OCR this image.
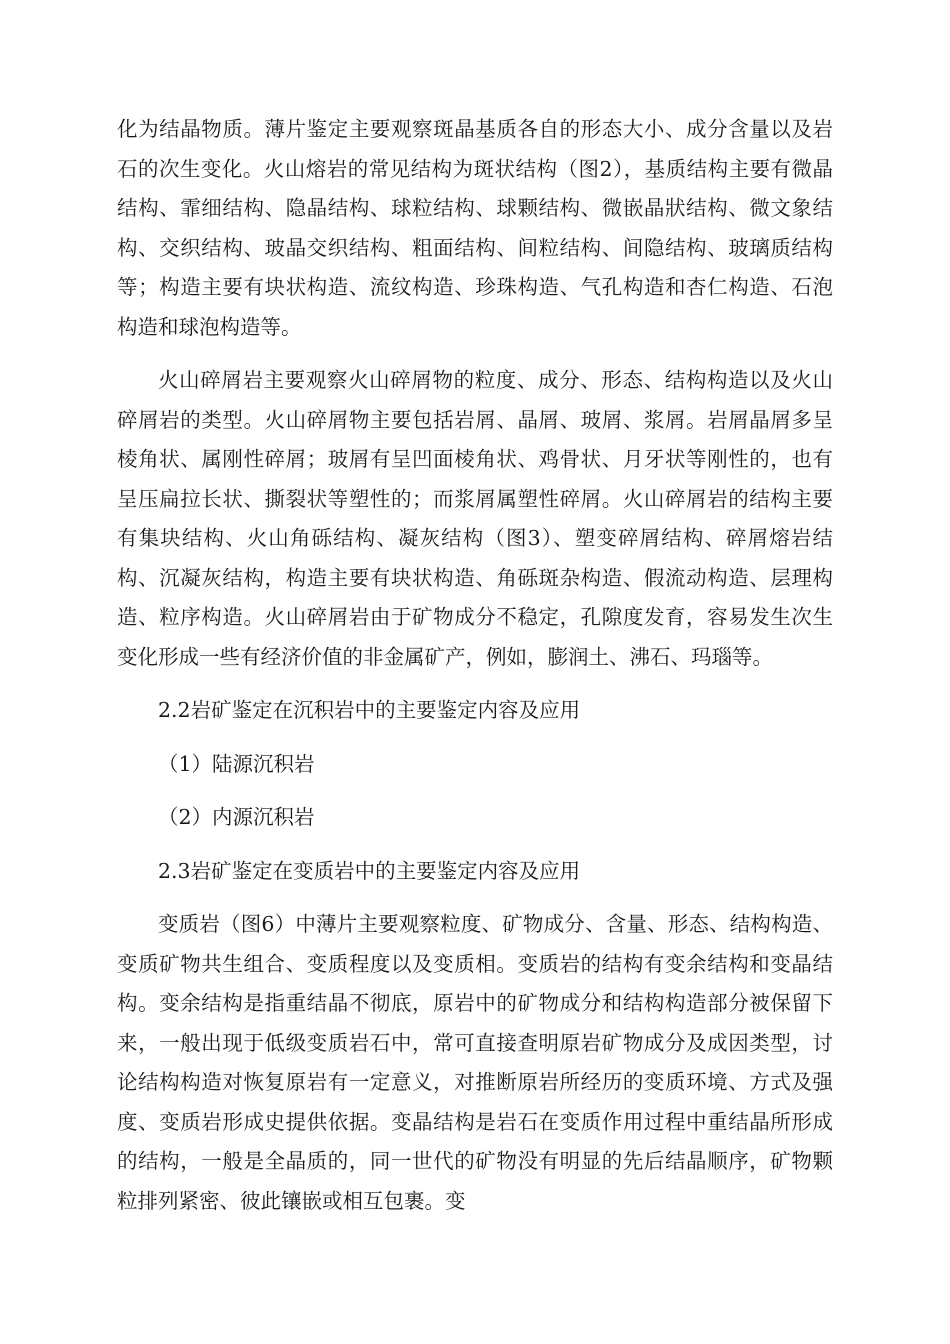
化为结晶物质。薄片鉴定主要观察斑晶基质各自的形态大小、成分含量以及岩石的次生变化。火山熔岩的常见结构为斑状结构（图2），基质结构主要有微晶结构、霏细结构、隐晶结构、球粒结构、球颗结构、微嵌晶狀结构、微文象结构、交织结构、玻晶交织结构、粗面结构、间粒结构、间隐结构、玻璃质结构等；构造主要有块状构造、流纹构造、珍珠构造、气孔构造和杏仁构造、石泡构造和球泡构造等。

火山碎屑岩主要观察火山碎屑物的粒度、成分、形态、结构构造以及火山碎屑岩的类型。火山碎屑物主要包括岩屑、晶屑、玻屑、浆屑。岩屑晶屑多呈棱角状、属刚性碎屑；玻屑有呈凹面棱角状、鸡骨状、月牙状等刚性的，也有呈压扁拉长状、撕裂状等塑性的；而浆屑属塑性碎屑。火山碎屑岩的结构主要有集块结构、火山角砾结构、凝灰结构（图3）、塑变碎屑结构、碎屑熔岩结构、沉凝灰结构，构造主要有块状构造、角砾斑杂构造、假流动构造、层理构造、粒序构造。火山碎屑岩由于矿物成分不稳定，孔隙度发育，容易发生次生变化形成一些有经济价值的非金属矿产，例如，膨润土、沸石、玛瑙等。

2.2岩矿鉴定在沉积岩中的主要鉴定内容及应用

（1）陆源沉积岩

（2）内源沉积岩

2.3岩矿鉴定在变质岩中的主要鉴定内容及应用

变质岩（图6）中薄片主要观察粒度、矿物成分、含量、形态、结构构造、变质矿物共生组合、变质程度以及变质相。变质岩的结构有变余结构和变晶结构。变余结构是指重结晶不彻底，原岩中的矿物成分和结构构造部分被保留下来，一般出现于低级变质岩石中，常可直接查明原岩矿物成分及成因类型，讨论结构构造对恢复原岩有一定意义，对推断原岩所经历的变质环境、方式及强度、变质岩形成史提供依据。变晶结构是岩石在变质作用过程中重结晶所形成的结构，一般是全晶质的，同一世代的矿物没有明显的先后结晶顺序，矿物颗粒排列紧密、彼此镶嵌或相互包裹。变
